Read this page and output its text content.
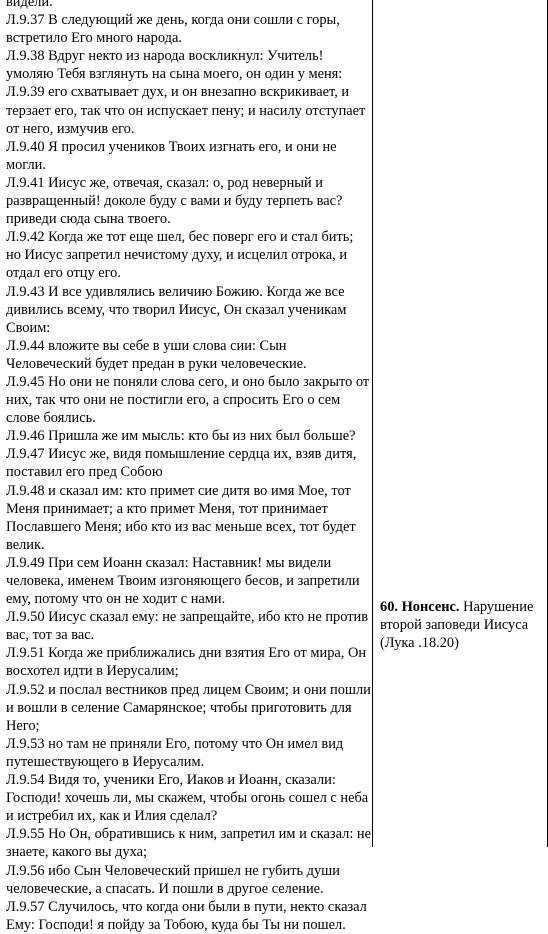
видели.
Л.9.37 В следующий же день, когда они сошли с горы,
встретило Его много народа.
Л.9.38 Вдруг некто из народа воскликнул: Учитель!
умоляю Тебя взглянуть на сына моего, он один у меня:
Л.9.39 его схватывает дух, и он внезапно вскрикивает, и
терзает его, так что он испускает пену; и насилу отступает
от него, измучив его.
Л.9.40 Я просил учеников Твоих изгнать его, и они не
могли.
Л.9.41 Иисус же, отвечая, сказал: о, род неверный и
развращенный! доколе буду с вами и буду терпеть вас?
приведи сюда сына твоего.
Л.9.42 Когда же тот еще шел, бес поверг его и стал бить;
но Иисус запретил нечистому духу, и исцелил отрока, и
отдал его отцу его.
Л.9.43 И все удивлялись величию Божию. Когда же все
дивились всему, что творил Иисус, Он сказал ученикам
Своим:
Л.9.44 вложите вы себе в уши слова сии: Сын
Человеческий будет предан в руки человеческие.
Л.9.45 Но они не поняли слова сего, и оно было закрыто от
них, так что они не постигли его, а спросить Его о сем
слове боялись.
Л.9.46 Пришла же им мысль: кто бы из них был больше?
Л.9.47 Иисус же, видя помышление сердца их, взяв дитя,
поставил его пред Собою
Л.9.48 и сказал им: кто примет сие дитя во имя Мое, тот
Меня принимает; а кто примет Меня, тот принимает
Пославшего Меня; ибо кто из вас меньше всех, тот будет
велик.
Л.9.49 При сем Иоанн сказал: Наставник! мы видели
человека, именем Твоим изгоняющего бесов, и запретили
ему, потому что он не ходит с нами.
Л.9.50 Иисус сказал ему: не запрещайте, ибо кто не против
вас, тот за вас.
Л.9.51 Когда же приближались дни взятия Его от мира, Он
восхотел идти в Иерусалим;
Л.9.52 и послал вестников пред лицем Своим; и они пошли
и вошли в селение Самарянское; чтобы приготовить для
Него;
Л.9.53 но там не приняли Его, потому что Он имел вид
путешествующего в Иерусалим.
Л.9.54 Видя то, ученики Его, Иаков и Иоанн, сказали:
Господи! хочешь ли, мы скажем, чтобы огонь сошел с неба
и истребил их, как и Илия сделал?
Л.9.55 Но Он, обратившись к ним, запретил им и сказал: не
знаете, какого вы духа;
Л.9.56 ибо Сын Человеческий пришел не губить души
человеческие, а спасать. И пошли в другое селение.
Л.9.57 Случилось, что когда они были в пути, некто сказал
Ему: Господи! я пойду за Тобою, куда бы Ты ни пошел.

60. Нонсенс. Нарушение
второй заповеди Иисуса
(Лука .18.20)
